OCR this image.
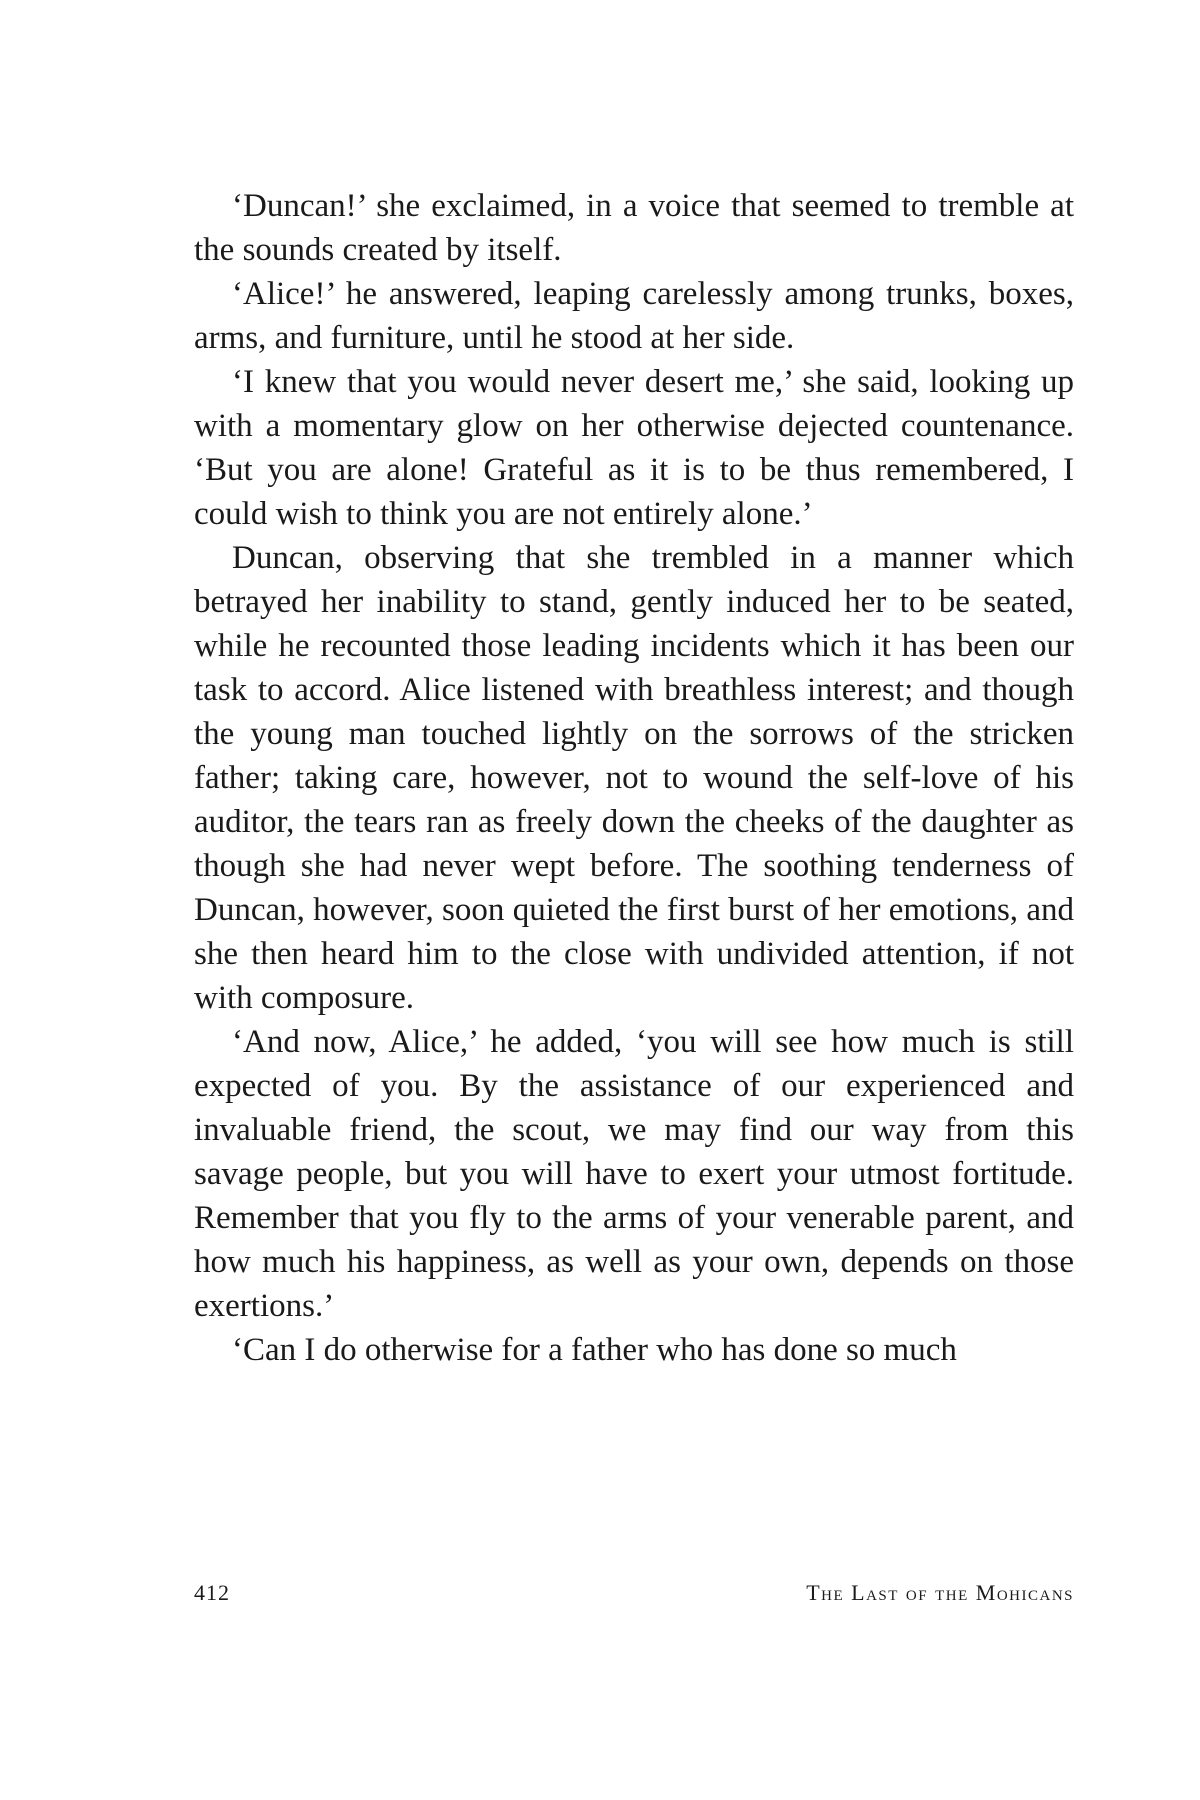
‘Duncan!’ she exclaimed, in a voice that seemed to tremble at the sounds created by itself.

‘Alice!’ he answered, leaping carelessly among trunks, boxes, arms, and furniture, until he stood at her side.

‘I knew that you would never desert me,’ she said, looking up with a momentary glow on her otherwise dejected countenance. ‘But you are alone! Grateful as it is to be thus remembered, I could wish to think you are not entirely alone.’

Duncan, observing that she trembled in a manner which betrayed her inability to stand, gently induced her to be seated, while he recounted those leading incidents which it has been our task to accord. Alice listened with breathless interest; and though the young man touched lightly on the sorrows of the stricken father; taking care, however, not to wound the self-love of his auditor, the tears ran as freely down the cheeks of the daughter as though she had never wept before. The soothing tenderness of Duncan, however, soon quieted the first burst of her emotions, and she then heard him to the close with undivided attention, if not with composure.

‘And now, Alice,’ he added, ‘you will see how much is still expected of you. By the assistance of our experienced and invaluable friend, the scout, we may find our way from this savage people, but you will have to exert your utmost fortitude. Remember that you fly to the arms of your venerable parent, and how much his happiness, as well as your own, depends on those exertions.’

‘Can I do otherwise for a father who has done so much

412	The Last of the Mohicans
